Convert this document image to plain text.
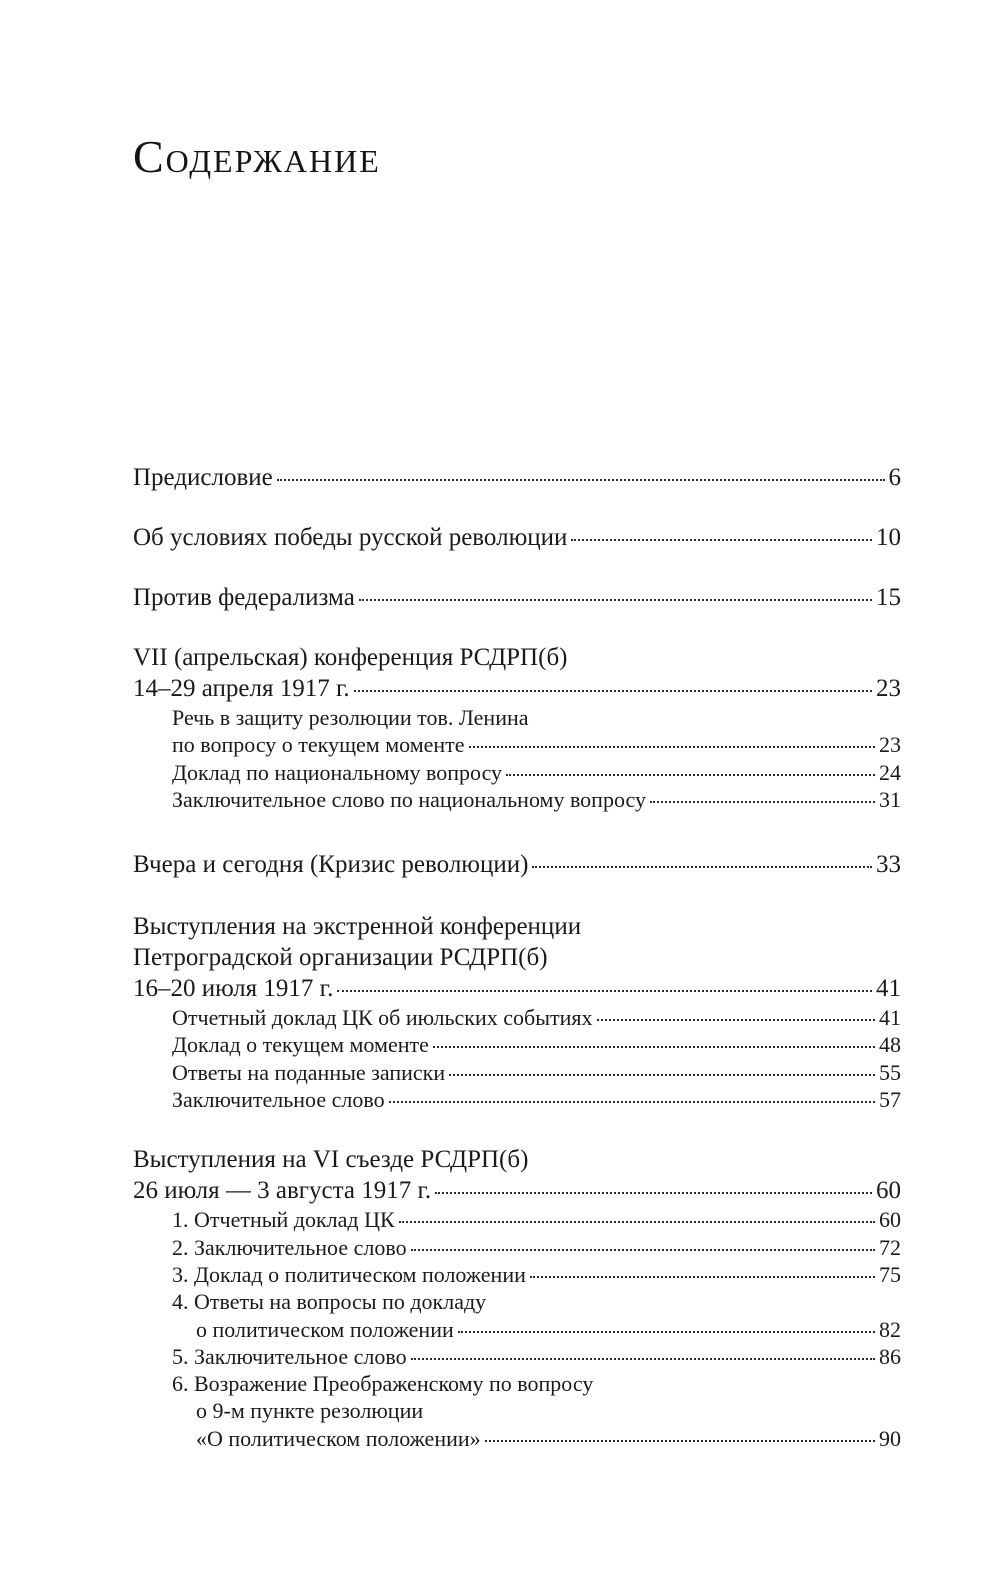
Содержание
Предисловие	6
Об условиях победы русской революции	10
Против федерализма	15
VII (апрельская) конференция РСДРП(б)
14–29 апреля 1917 г.	23
Речь в защиту резолюции тов. Ленина
по вопросу о текущем моменте	23
Доклад по национальному вопросу	24
Заключительное слово по национальному вопросу	31
Вчера и сегодня (Кризис революции)	33
Выступления на экстренной конференции
Петроградской организации РСДРП(б)
16–20 июля 1917 г.	41
Отчетный доклад ЦК об июльских событиях	41
Доклад о текущем моменте	48
Ответы на поданные записки	55
Заключительное слово	57
Выступления на VI съезде РСДРП(б)
26 июля — 3 августа 1917 г.	60
1. Отчетный доклад ЦК	60
2. Заключительное слово	72
3. Доклад о политическом положении	75
4. Ответы на вопросы по докладу
о политическом положении	82
5. Заключительное слово	86
6. Возражение Преображенскому по вопросу
о 9-м пункте резолюции
«О политическом положении»	90
